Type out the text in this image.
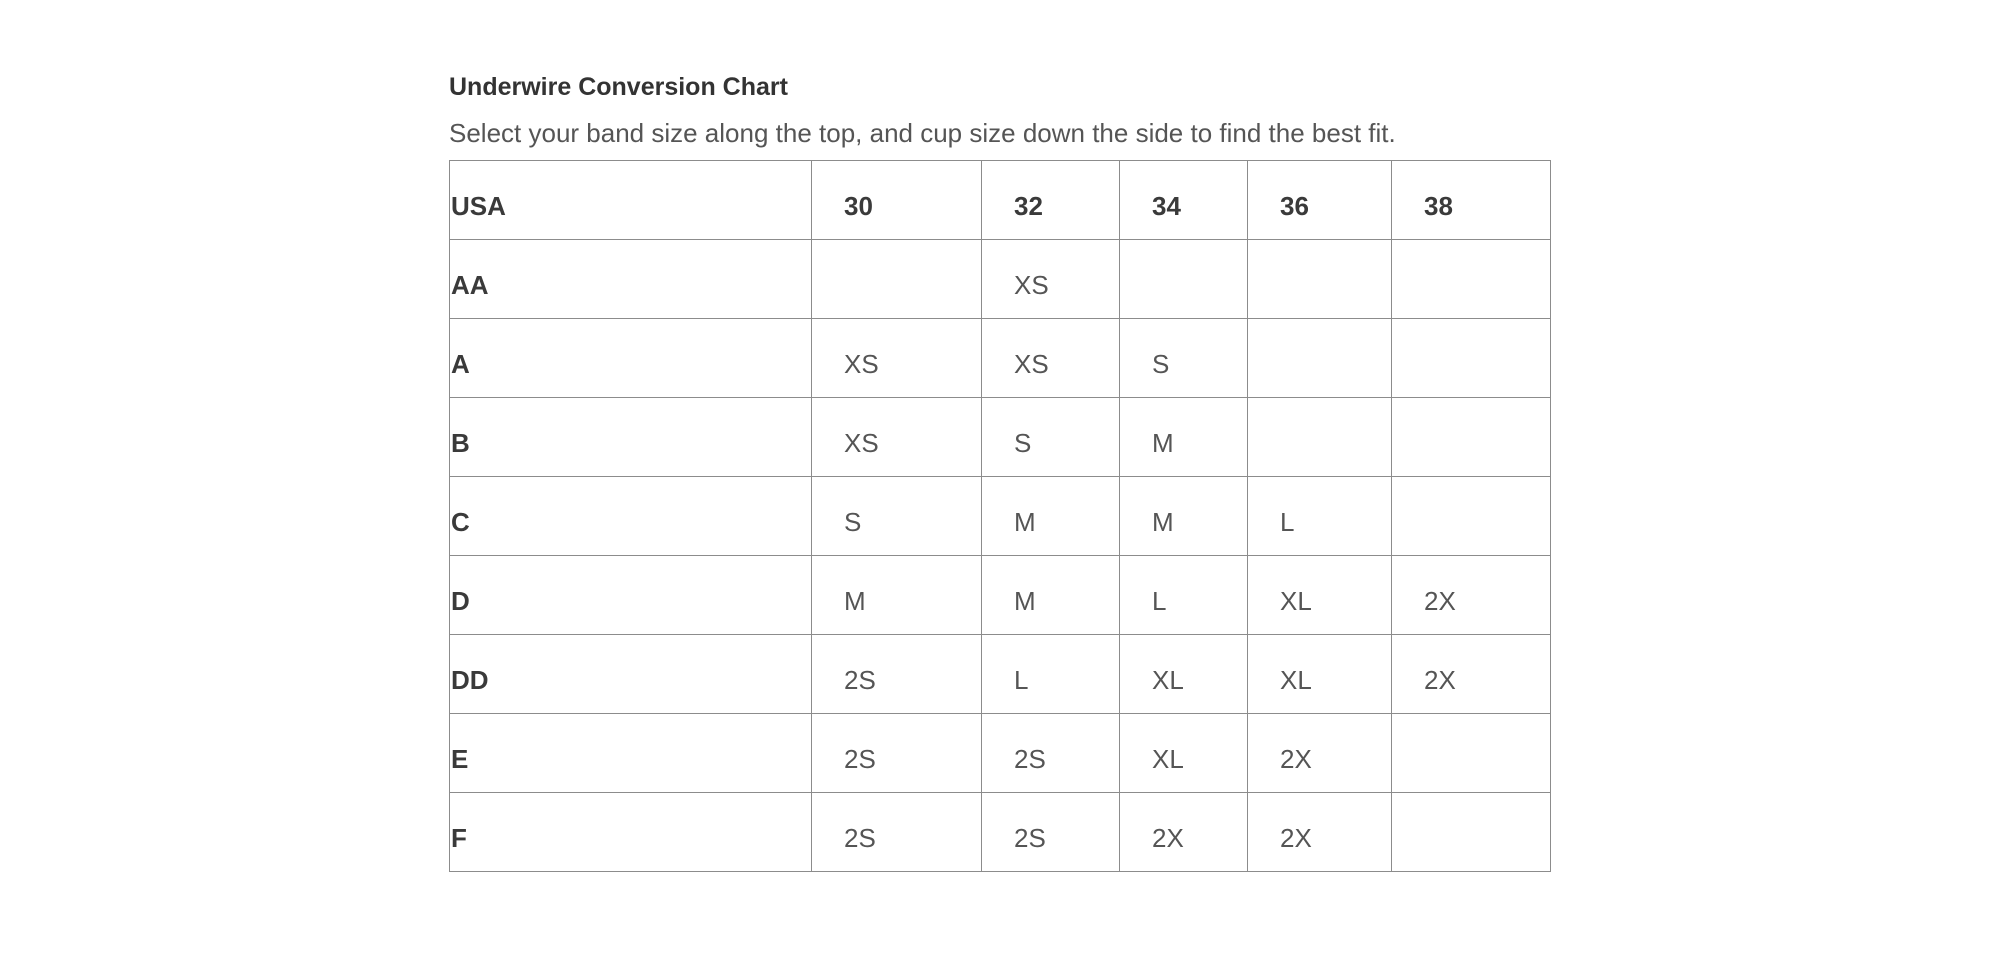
Underwire Conversion Chart

Select your band size along the top, and cup size down the side to find the best fit.

USA	30	32	34	36	38
AA		XS			
A	XS	XS	S		
B	XS	S	M		
C	S	M	M	L	
D	M	M	L	XL	2X
DD	2S	L	XL	XL	2X
E	2S	2S	XL	2X	
F	2S	2S	2X	2X	
